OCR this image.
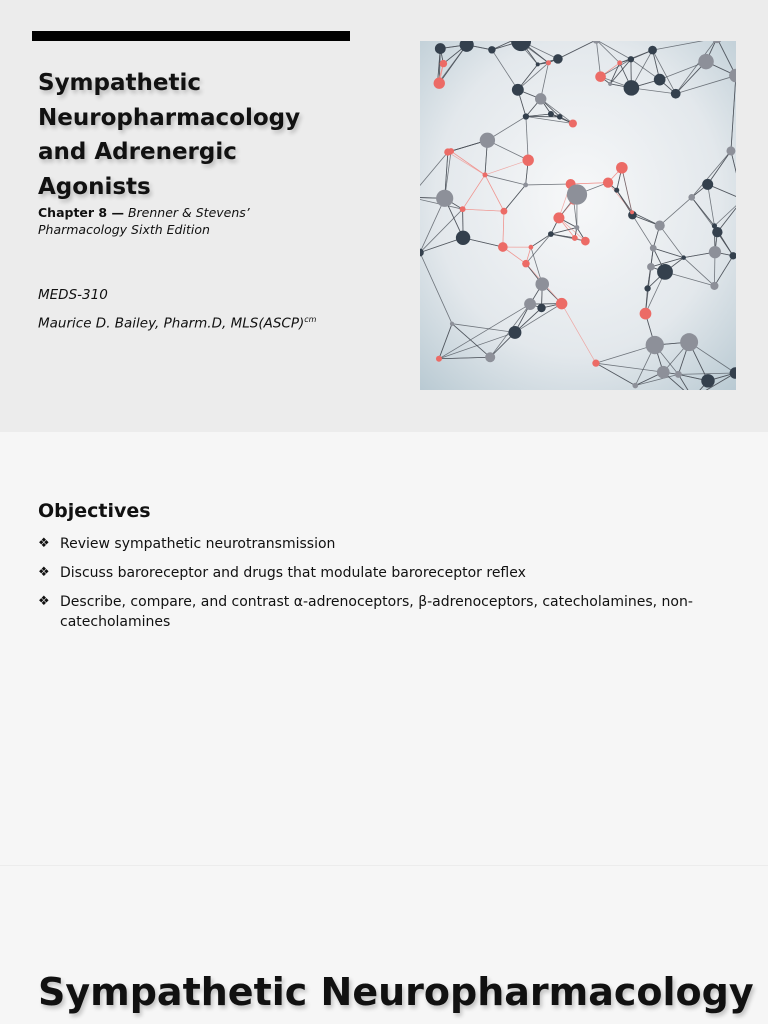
Sympathetic Neuropharmacology and Adrenergic Agonists
Chapter 8 — Brenner & Stevens’ Pharmacology Sixth Edition
MEDS-310
Maurice D. Bailey, Pharm.D, MLS(ASCP)$^{cm}$
Objectives
❖ Review sympathetic neurotransmission
❖ Discuss baroreceptor and drugs that modulate baroreceptor reflex
❖ Describe, compare, and contrast α-adrenoceptors, β-adrenoceptors, catecholamines, non-catecholamines
Sympathetic Neuropharmacology
